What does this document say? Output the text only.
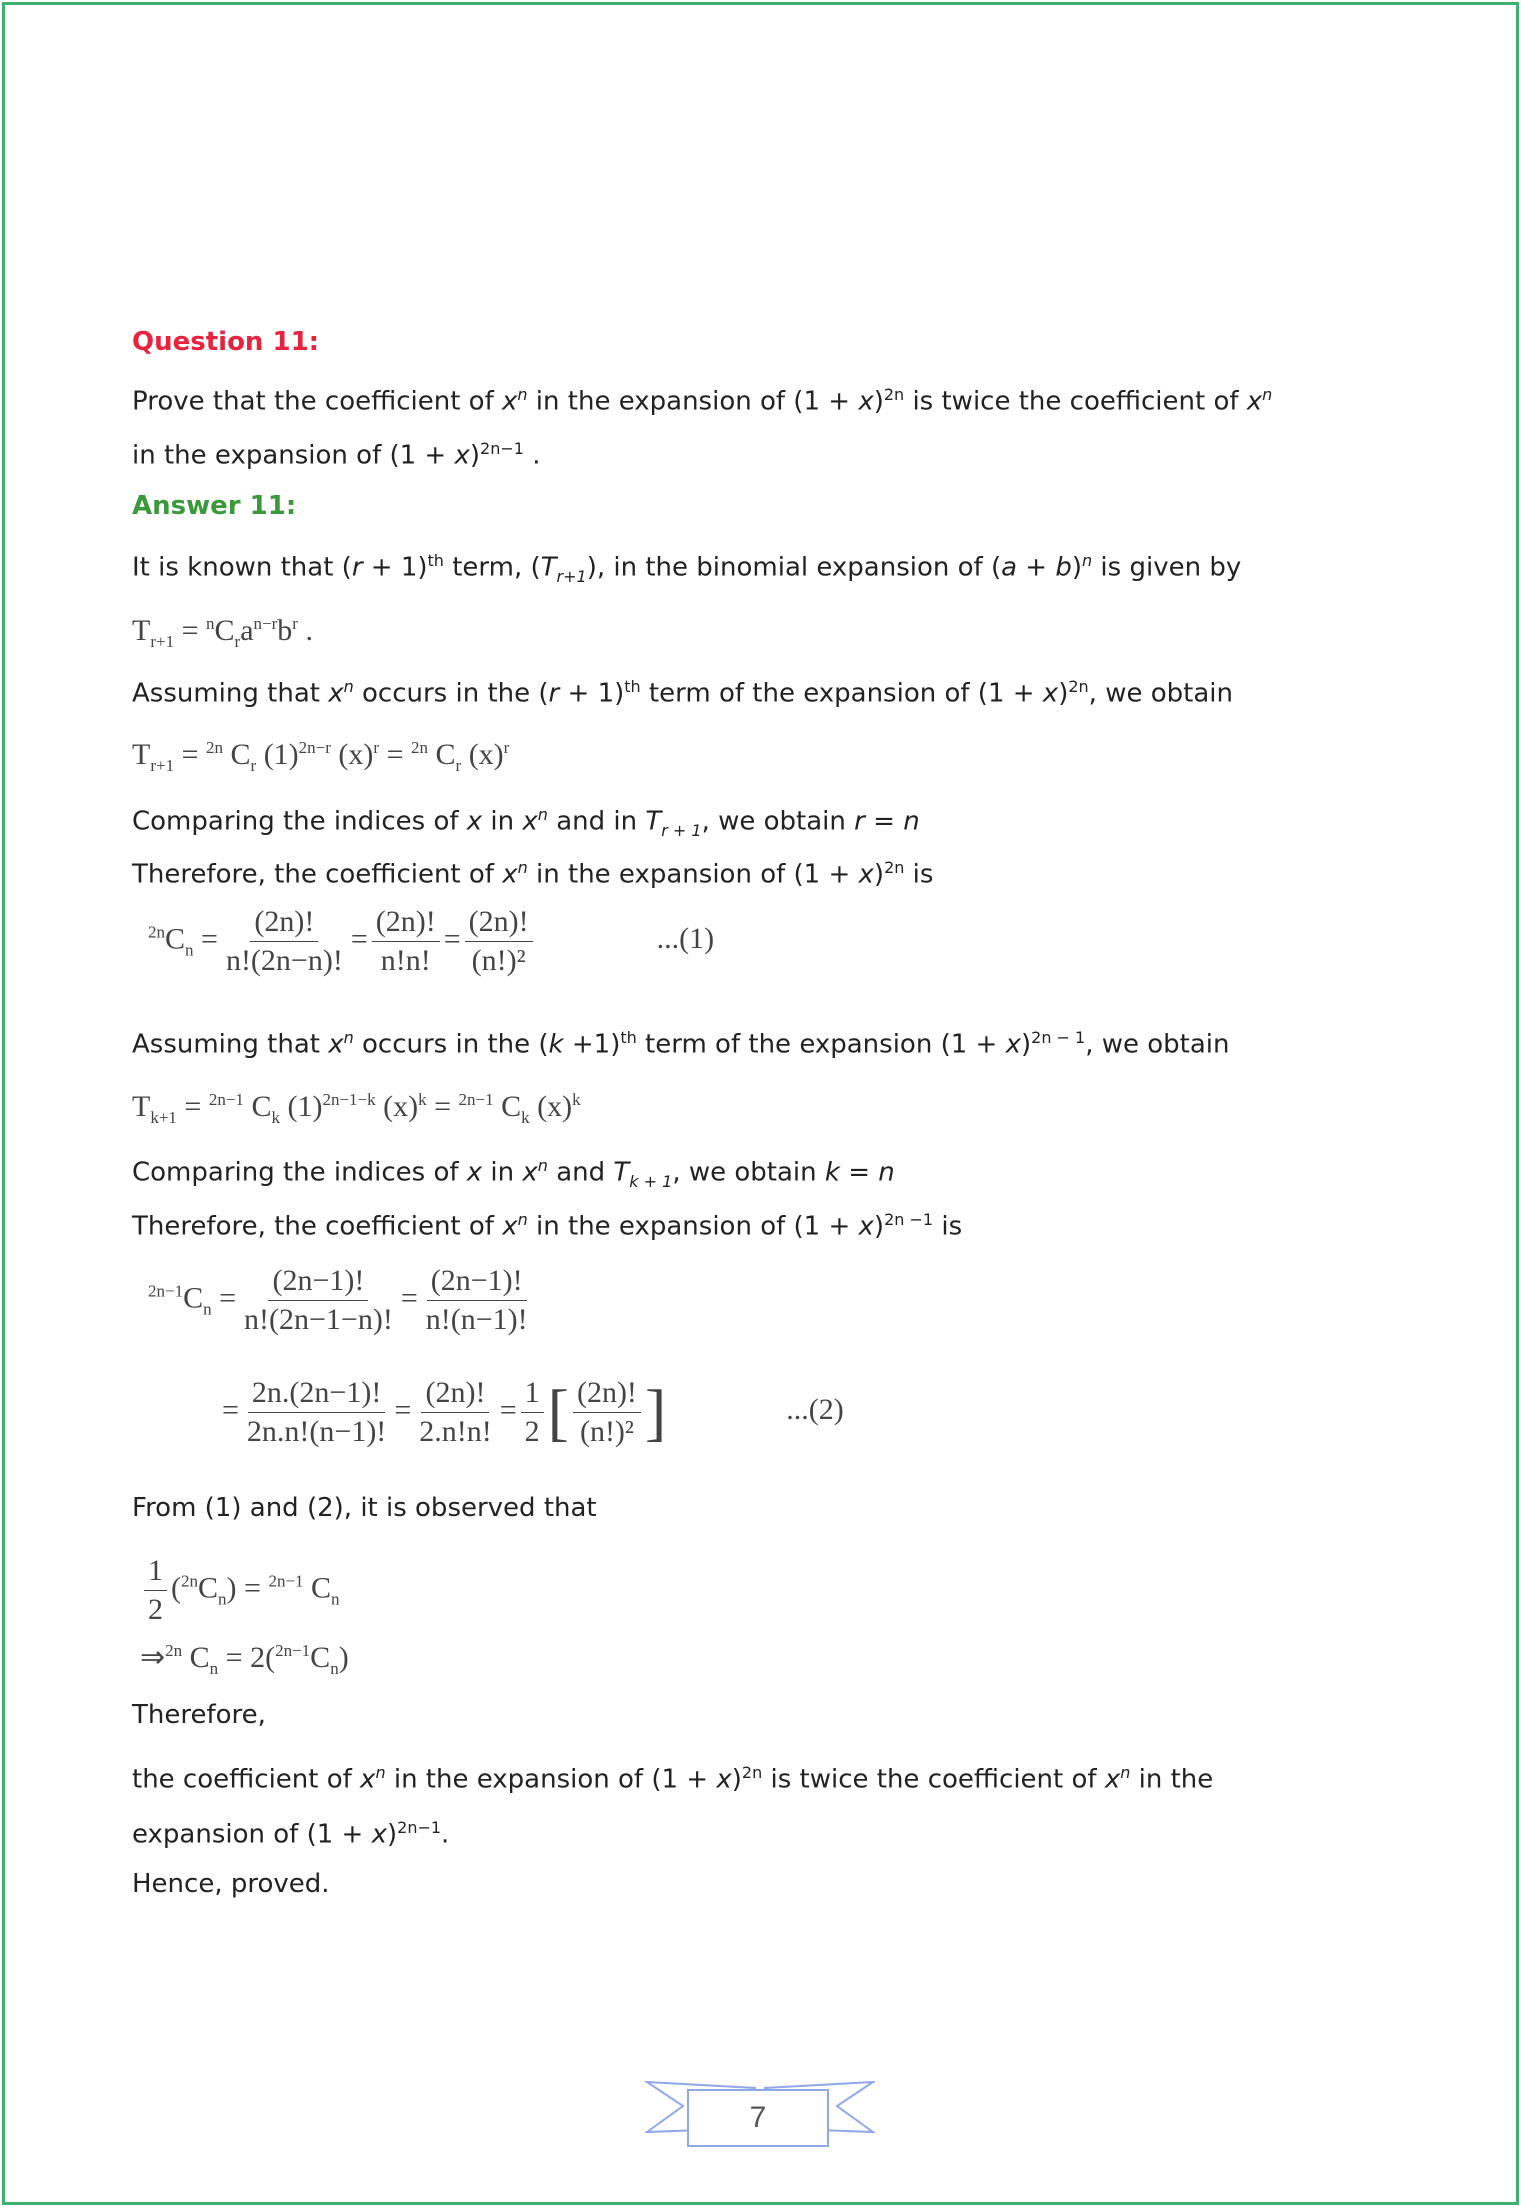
Question 11:
Prove that the coefficient of $x^n$ in the expansion of $(1 + x)^{2n}$ is twice the coefficient of $x^n$
in the expansion of $(1 + x)^{2n-1}$ .
Answer 11:
It is known that $(r + 1)^{th}$ term, $(T_{r+1})$, in the binomial expansion of $(a + b)^n$ is given by
$T_{r+1} = ^nC_ra^{n-r}b^r$ .
Assuming that $x^n$ occurs in the $(r + 1)^{th}$ term of the expansion of $(1 + x)^{2n}$, we obtain
$T_{r+1} = ^{2n}$ $C_r$ $(1)^{2n-r}$ $(x)^r = ^{2n}$ $C_r$ $(x)^r$
Comparing the indices of x in $x^n$ and in $T_{r + 1}$, we obtain r = n
Therefore, the coefficient of $x^n$ in the expansion of $(1 + x)^{2n}$ is
$^{2n}C_n = \frac{(2n)!}{n!(2n-n)!} = \frac{(2n)!}{n!n!} = \frac{(2n)!}{\text{(n!)²}}$	...(1)
Assuming that $x^n$ occurs in the $(k +1)^{th}$ term of the expansion $(1 + x)^{2n - 1}$, we obtain
$T_{k+1} = ^{2n-1}$ $C_k$ $(1)^{2n-1-k}$ $(x)^k = ^{2n-1}$ $C_k$ $(x)^k$
Comparing the indices of x in $x^n$ and $T_{k + 1}$, we obtain k = n
Therefore, the coefficient of $x^n$ in the expansion of $(1 + x)^{2n -1}$ is
$^{2n-1}C_n = \frac{(2n-1)!}{n!(2n-1-n)!} = \frac{(2n-1)!}{n!(n-1)!}$
= $\frac{2n.(2n-1)!}{2n.n!(n-1)!} = \frac{(2n)!}{2.n!n!} = \frac{1}{2}$ [ $\frac{(2n)!}{\text{(n!)²}}$ ]	...(2)
From (1) and (2), it is observed that
$\frac{1}{2} (^{2n}C_n) = ^{2n-1}$ $C_n$
⇒$^{2n}$ $C_n = 2(^{2n-1}C_n)$
Therefore,
the coefficient of $x^n$ in the expansion of $(1 + x)^{2n}$ is twice the coefficient of $x^n$ in the
expansion of $(1 + x)^{2n-1}$.
Hence, proved.
7
